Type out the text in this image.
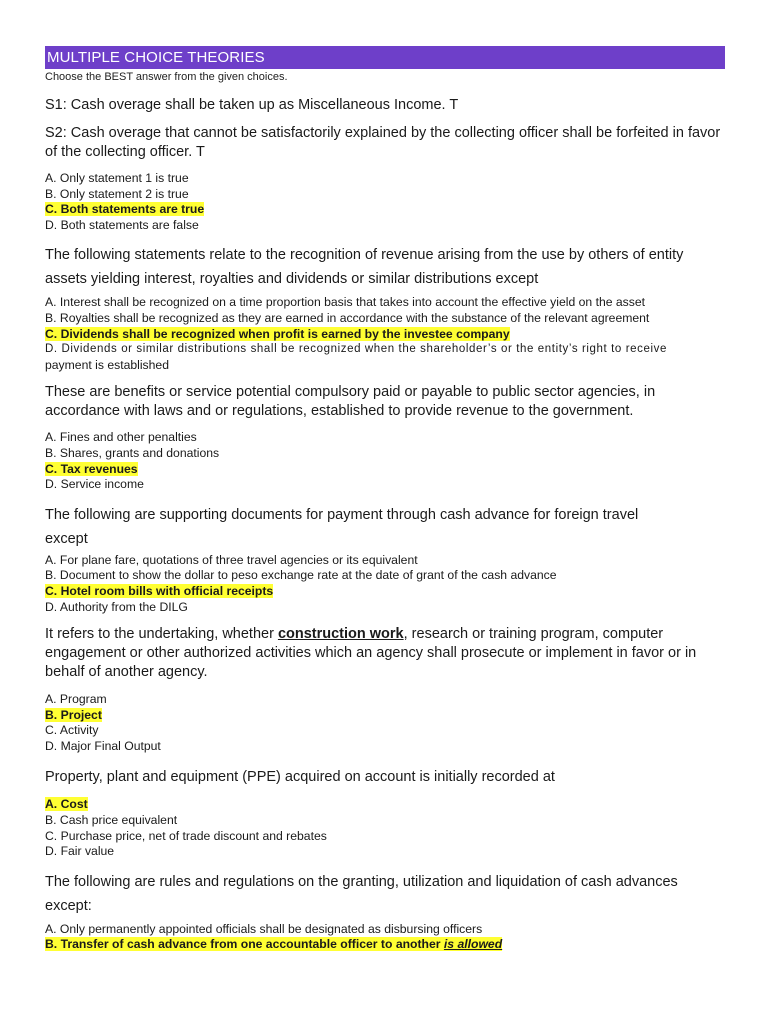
MULTIPLE CHOICE THEORIES
Choose the BEST answer from the given choices.
S1: Cash overage shall be taken up as Miscellaneous Income. T
S2: Cash overage that cannot be satisfactorily explained by the collecting officer shall be forfeited in favor of the collecting officer. T
A. Only statement 1 is true
B. Only statement 2 is true
C. Both statements are true
D. Both statements are false
The following statements relate to the recognition of revenue arising from the use by others of entity assets yielding interest, royalties and dividends or similar distributions except
A. Interest shall be recognized on a time proportion basis that takes into account the effective yield on the asset
B. Royalties shall be recognized as they are earned in accordance with the substance of the relevant agreement
C. Dividends shall be recognized when profit is earned by the investee company
D. Dividends or similar distributions shall be recognized when the shareholder’s or the entity’s right to receive
payment is established
These are benefits or service potential compulsory paid or payable to public sector agencies, in accordance with laws and or regulations, established to provide revenue to the government.
A. Fines and other penalties
B. Shares, grants and donations
C. Tax revenues
D. Service income
The following are supporting documents for payment through cash advance for foreign travel
except
A. For plane fare, quotations of three travel agencies or its equivalent
B. Document to show the dollar to peso exchange rate at the date of grant of the cash advance
C. Hotel room bills with official receipts
D. Authority from the DILG
It refers to the undertaking, whether construction work, research or training program, computer engagement or other authorized activities which an agency shall prosecute or implement in favor or in behalf of another agency.
A. Program
B. Project
C. Activity
D. Major Final Output
Property, plant and equipment (PPE) acquired on account is initially recorded at
A. Cost
B. Cash price equivalent
C. Purchase price, net of trade discount and rebates
D. Fair value
The following are rules and regulations on the granting, utilization and liquidation of cash advances
except:
A. Only permanently appointed officials shall be designated as disbursing officers
B. Transfer of cash advance from one accountable officer to another is allowed
